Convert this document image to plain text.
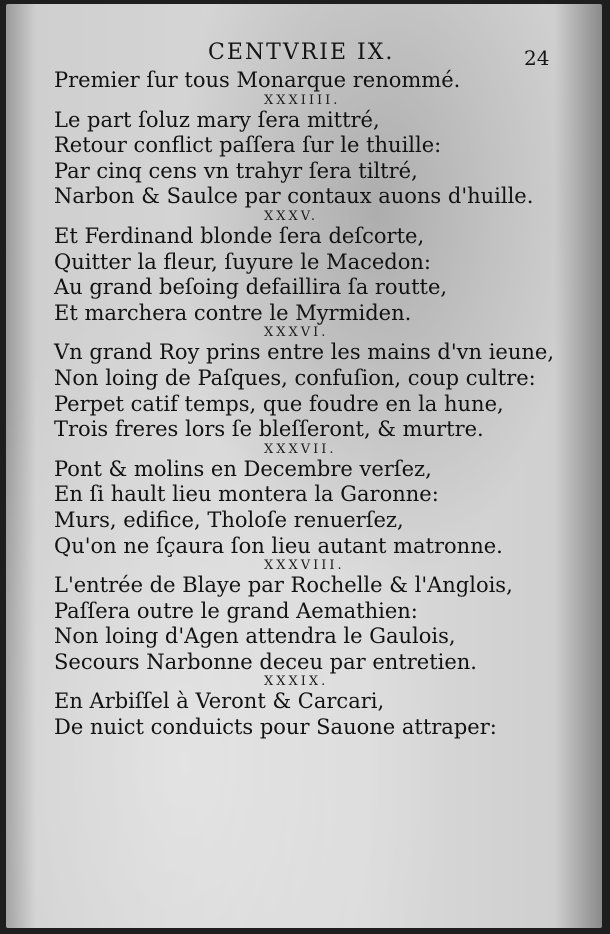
CENTVRIE IX.	24
Premier ſur tous Monarque renommé.
XXXIIII.
Le part ſoluz mary ſera mittré,
Retour conflict paſſera ſur le thuille:
Par cinq cens vn trahyr ſera tiltré,
Narbon & Saulce par contaux auons d'huille.
XXXV.
Et Ferdinand blonde ſera deſcorte,
Quitter la fleur, ſuyure le Macedon:
Au grand beſoing defaillira ſa routte,
Et marchera contre le Myrmiden.
XXXVI.
Vn grand Roy prins entre les mains d'vn ieune,
Non loing de Paſques, confuſion, coup cultre:
Perpet catif temps, que foudre en la hune,
Trois freres lors ſe bleſſeront, & murtre.
XXXVII.
Pont & molins en Decembre verſez,
En ſi hault lieu montera la Garonne:
Murs, edifice, Tholoſe renuerſez,
Qu'on ne ſçaura ſon lieu autant matronne.
XXXVIII.
L'entrée de Blaye par Rochelle & l'Anglois,
Paſſera outre le grand Aemathien:
Non loing d'Agen attendra le Gaulois,
Secours Narbonne deceu par entretien.
XXXIX.
En Arbiſſel à Veront & Carcari,
De nuict conduicts pour Sauone attraper:
